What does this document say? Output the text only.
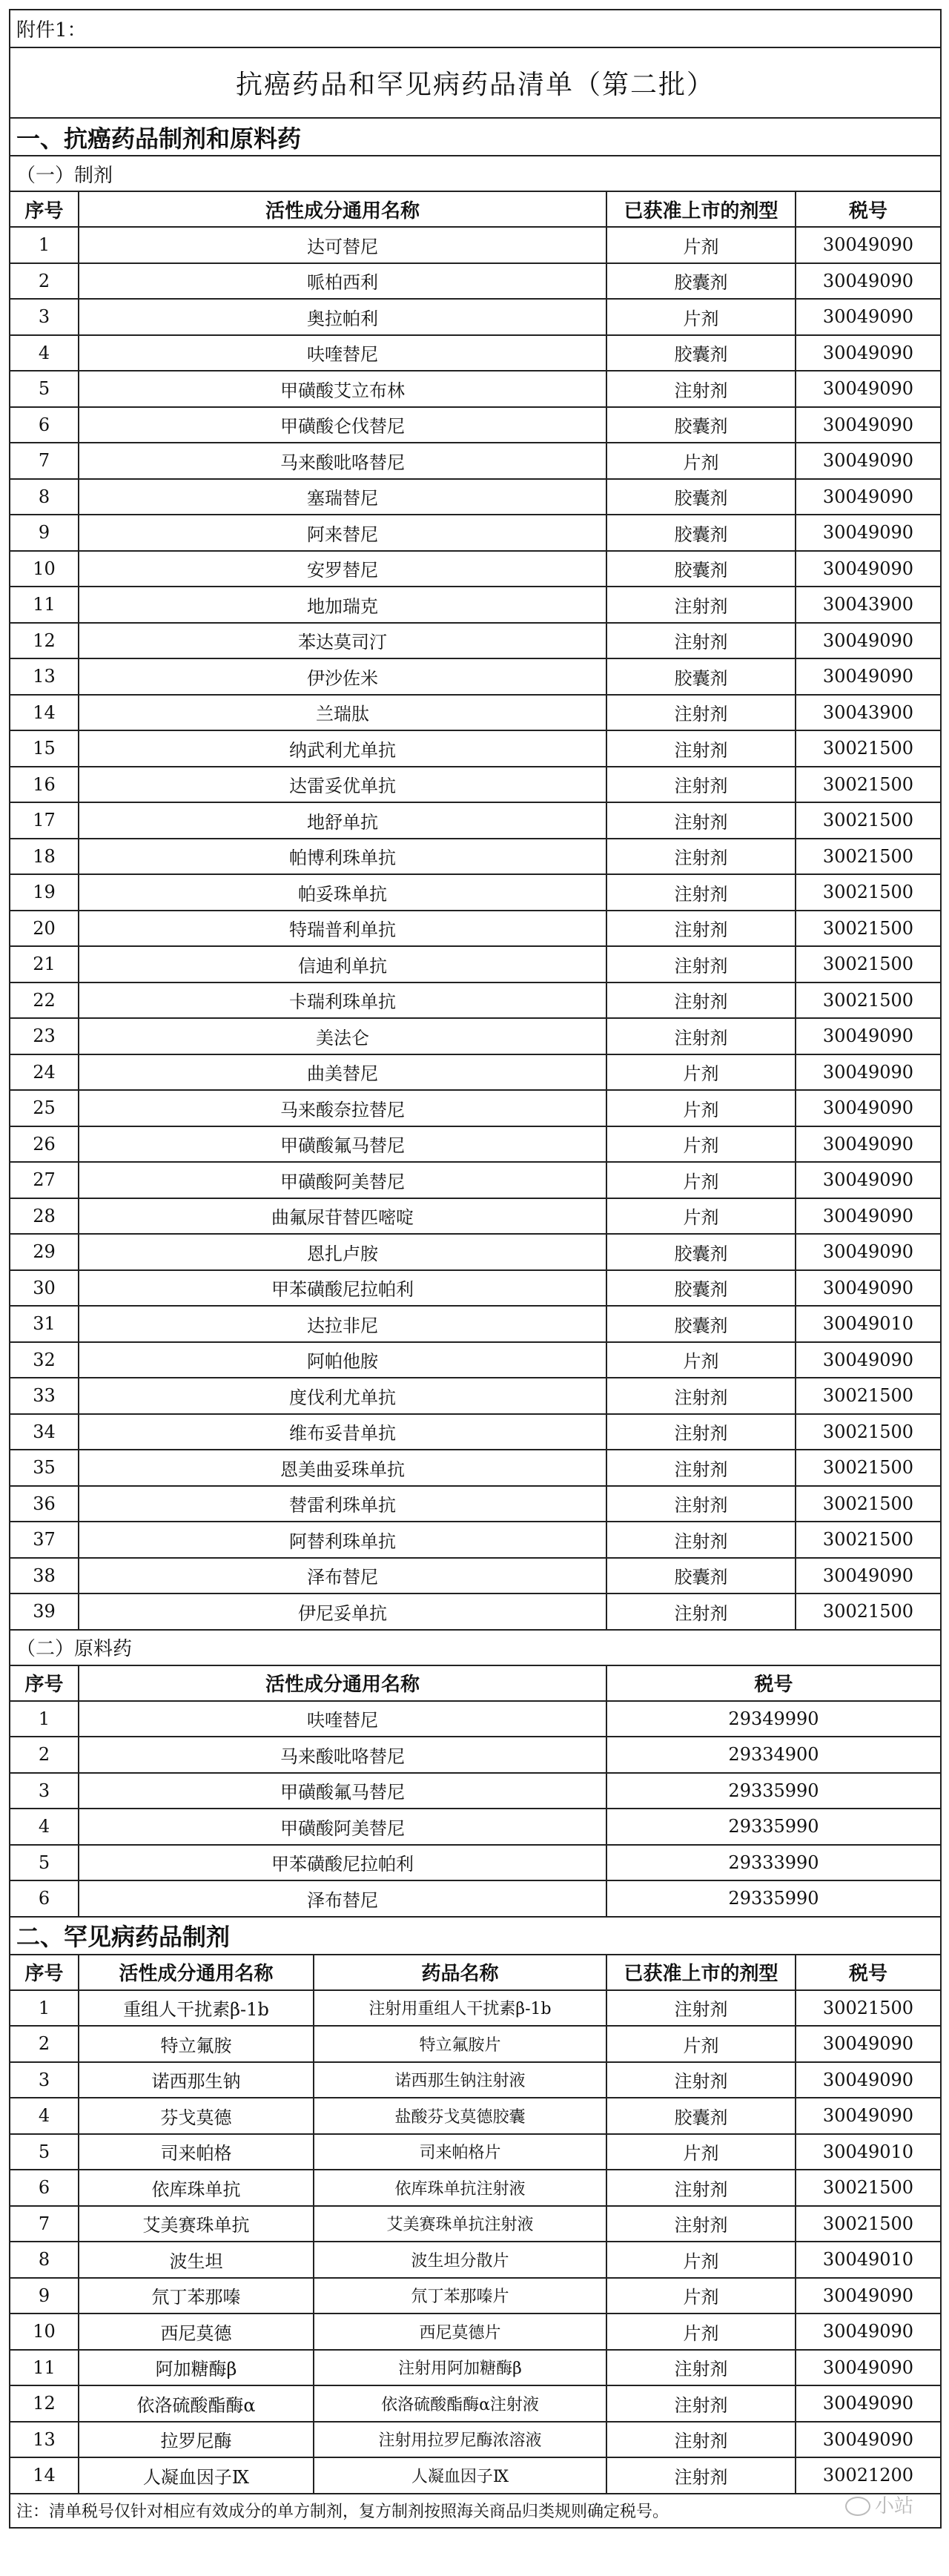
附件1：				
抗癌药品和罕见病药品清单（第二批）				
一、抗癌药品制剂和原料药				
（一）制剂				
序号	活性成分通用名称		已获准上市的剂型	税号
1	达可替尼		片剂	30049090
2	哌柏西利		胶囊剂	30049090
3	奥拉帕利		片剂	30049090
4	呋喹替尼		胶囊剂	30049090
5	甲磺酸艾立布林		注射剂	30049090
6	甲磺酸仑伐替尼		胶囊剂	30049090
7	马来酸吡咯替尼		片剂	30049090
8	塞瑞替尼		胶囊剂	30049090
9	阿来替尼		胶囊剂	30049090
10	安罗替尼		胶囊剂	30049090
11	地加瑞克		注射剂	30043900
12	苯达莫司汀		注射剂	30049090
13	伊沙佐米		胶囊剂	30049090
14	兰瑞肽		注射剂	30043900
15	纳武利尤单抗		注射剂	30021500
16	达雷妥优单抗		注射剂	30021500
17	地舒单抗		注射剂	30021500
18	帕博利珠单抗		注射剂	30021500
19	帕妥珠单抗		注射剂	30021500
20	特瑞普利单抗		注射剂	30021500
21	信迪利单抗		注射剂	30021500
22	卡瑞利珠单抗		注射剂	30021500
23	美法仑		注射剂	30049090
24	曲美替尼		片剂	30049090
25	马来酸奈拉替尼		片剂	30049090
26	甲磺酸氟马替尼		片剂	30049090
27	甲磺酸阿美替尼		片剂	30049090
28	曲氟尿苷替匹嘧啶		片剂	30049090
29	恩扎卢胺		胶囊剂	30049090
30	甲苯磺酸尼拉帕利		胶囊剂	30049090
31	达拉非尼		胶囊剂	30049010
32	阿帕他胺		片剂	30049090
33	度伐利尤单抗		注射剂	30021500
34	维布妥昔单抗		注射剂	30021500
35	恩美曲妥珠单抗		注射剂	30021500
36	替雷利珠单抗		注射剂	30021500
37	阿替利珠单抗		注射剂	30021500
38	泽布替尼		胶囊剂	30049090
39	伊尼妥单抗		注射剂	30021500
（二）原料药				
序号	活性成分通用名称		税号	
1	呋喹替尼		29349990	
2	马来酸吡咯替尼		29334900	
3	甲磺酸氟马替尼		29335990	
4	甲磺酸阿美替尼		29335990	
5	甲苯磺酸尼拉帕利		29333990	
6	泽布替尼		29335990	
二、罕见病药品制剂				
序号	活性成分通用名称	药品名称	已获准上市的剂型	税号
1	重组人干扰素β-1b	注射用重组人干扰素β-1b	注射剂	30021500
2	特立氟胺	特立氟胺片	片剂	30049090
3	诺西那生钠	诺西那生钠注射液	注射剂	30049090
4	芬戈莫德	盐酸芬戈莫德胶囊	胶囊剂	30049090
5	司来帕格	司来帕格片	片剂	30049010
6	依库珠单抗	依库珠单抗注射液	注射剂	30021500
7	艾美赛珠单抗	艾美赛珠单抗注射液	注射剂	30021500
8	波生坦	波生坦分散片	片剂	30049010
9	氘丁苯那嗪	氘丁苯那嗪片	片剂	30049090
10	西尼莫德	西尼莫德片	片剂	30049090
11	阿加糖酶β	注射用阿加糖酶β	注射剂	30049090
12	依洛硫酸酯酶α	依洛硫酸酯酶α注射液	注射剂	30049090
13	拉罗尼酶	注射用拉罗尼酶浓溶液	注射剂	30049090
14	人凝血因子Ⅸ	人凝血因子Ⅸ	注射剂	30021200
注：清单税号仅针对相应有效成分的单方制剂，复方制剂按照海关商品归类规则确定税号。					小站
